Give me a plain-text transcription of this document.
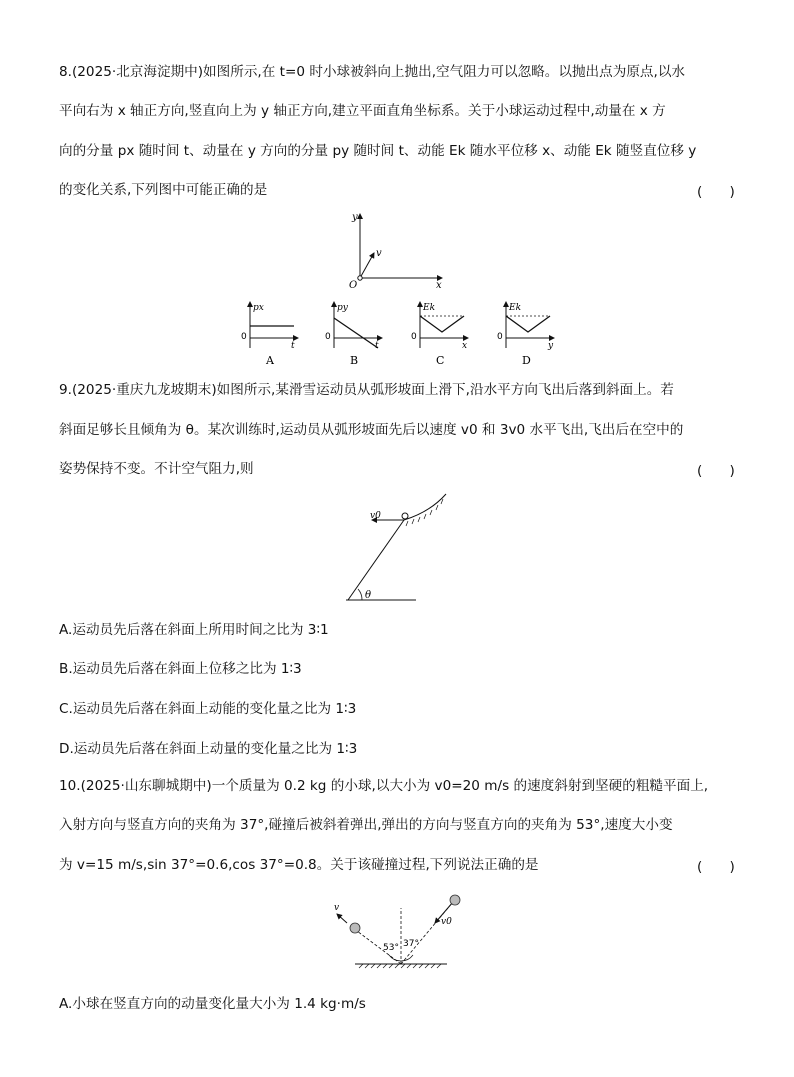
8.(2025·北京海淀期中)如图所示,在 t=0 时小球被斜向上抛出,空气阻力可以忽略。以抛出点为原点,以水
平向右为 x 轴正方向,竖直向上为 y 轴正方向,建立平面直角坐标系。关于小球运动过程中,动量在 x 方
向的分量 px 随时间 t、动量在 y 方向的分量 py 随时间 t、动能 Ek 随水平位移 x、动能 Ek 随竖直位移 y
的变化关系,下列图中可能正确的是	(　　)
y
x
v
O
px
0
t
A
py
0
t
B
Ek
0
x
C
Ek
0
y
D
9.(2025·重庆九龙坡期末)如图所示,某滑雪运动员从弧形坡面上滑下,沿水平方向飞出后落到斜面上。若
斜面足够长且倾角为 θ。某次训练时,运动员从弧形坡面先后以速度 v0 和 3v0 水平飞出,飞出后在空中的
姿势保持不变。不计空气阻力,则	(　　)
v0
θ
A.运动员先后落在斜面上所用时间之比为 3∶1
B.运动员先后落在斜面上位移之比为 1∶3
C.运动员先后落在斜面上动能的变化量之比为 1∶3
D.运动员先后落在斜面上动量的变化量之比为 1∶3
10.(2025·山东聊城期中)一个质量为 0.2 kg 的小球,以大小为 v0=20 m/s 的速度斜射到坚硬的粗糙平面上,
入射方向与竖直方向的夹角为 37°,碰撞后被斜着弹出,弹出的方向与竖直方向的夹角为 53°,速度大小变
为 v=15 m/s,sin 37°=0.6,cos 37°=0.8。关于该碰撞过程,下列说法正确的是	(　　)
v
v0
53° 37°
A.小球在竖直方向的动量变化量大小为 1.4 kg·m/s
